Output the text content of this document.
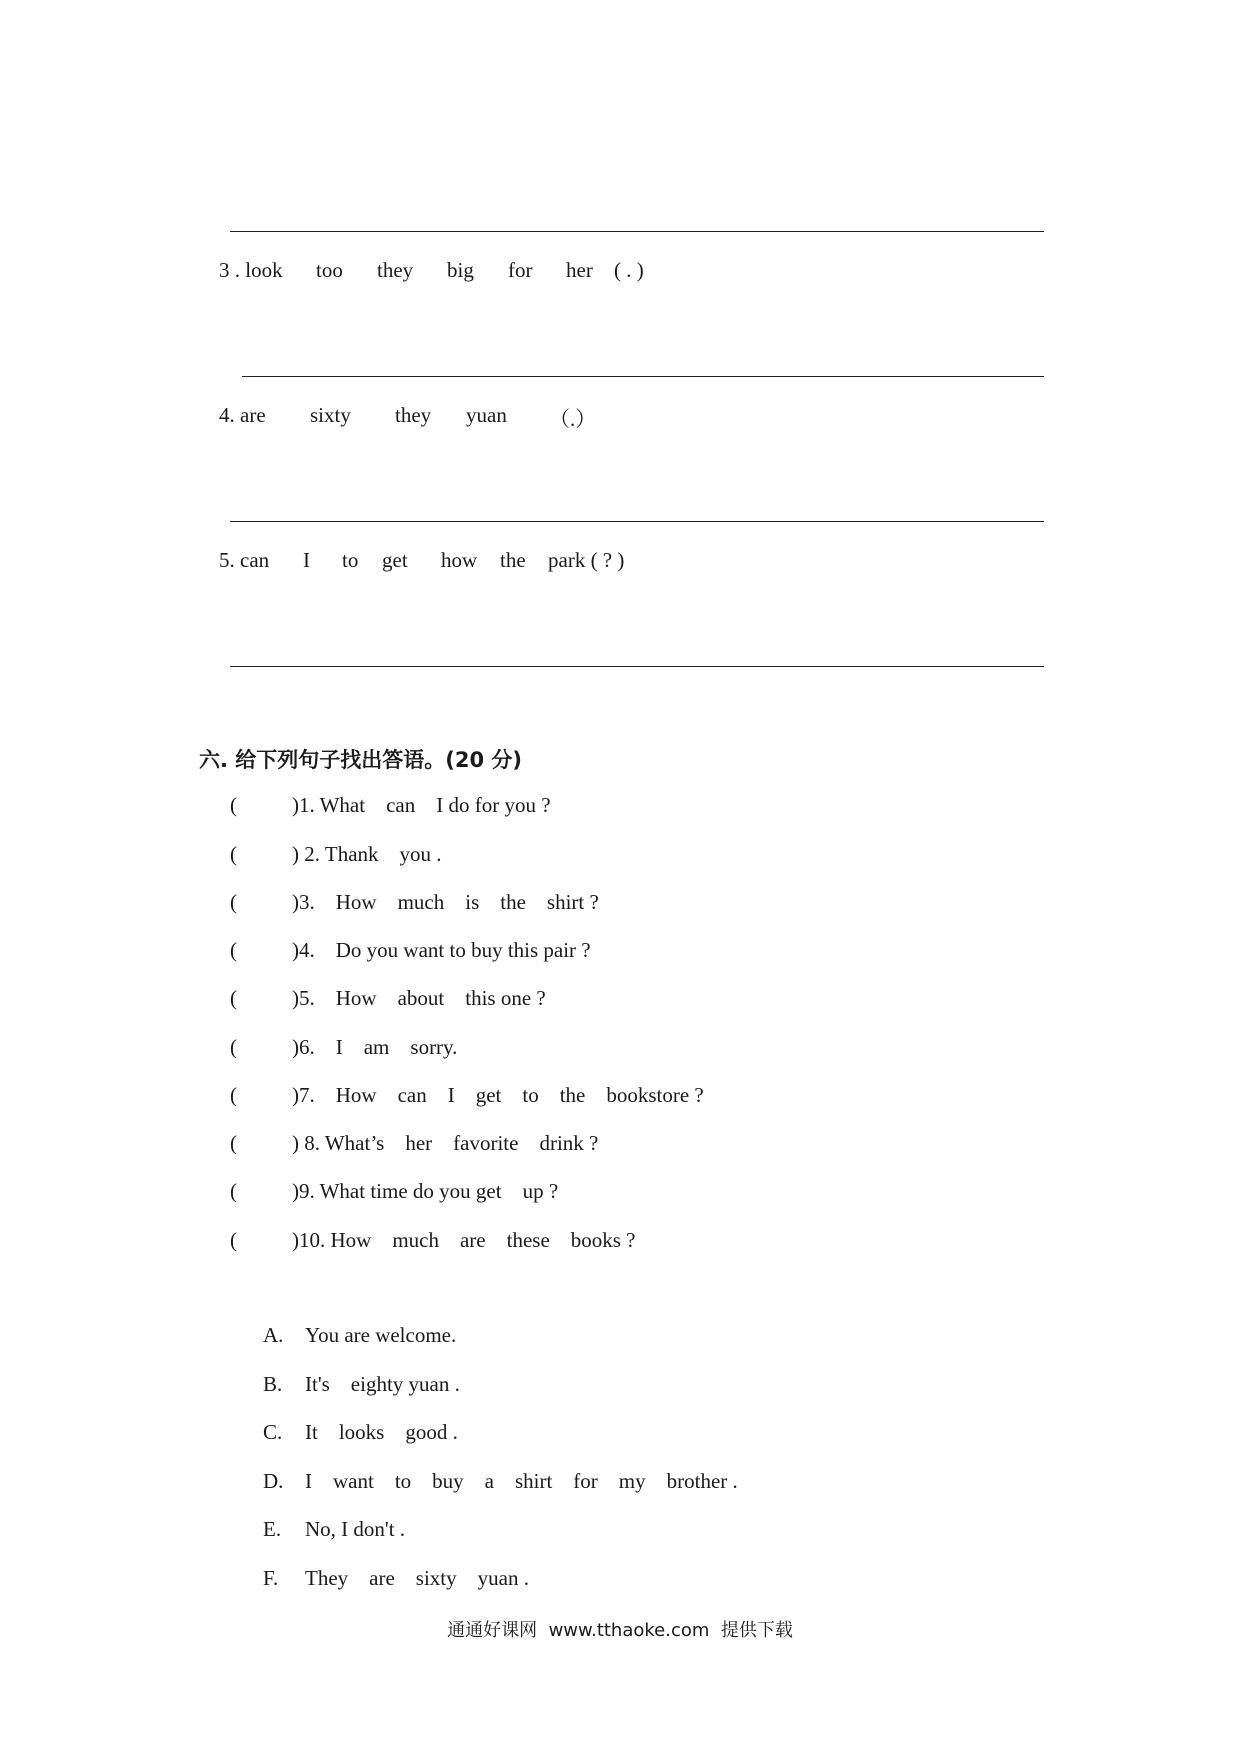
3 . look too they big for her ( . )
4. are sixty they yuan （.）
5. can I to get how the park ( ? )
六. 给下列句子找出答语。(20 分)
(	)1. What    can    I do for you ?
(	) 2. Thank    you .
(	)3.    How    much    is    the    shirt ?
(	)4.    Do you want to buy this pair ?
(	)5.    How    about    this one ?
(	)6.    I    am    sorry.
(	)7.    How    can    I    get    to    the    bookstore ?
(	) 8. What’s    her    favorite    drink ?
(	)9. What time do you get    up ?
(	)10. How    much    are    these    books ?
A. You are welcome.
B. It's    eighty yuan .
C. It    looks    good .
D. I    want    to    buy    a    shirt    for    my    brother .
E. No, I don't .
F. They    are    sixty    yuan .
通通好课网  www.tthaoke.com  提供下载
